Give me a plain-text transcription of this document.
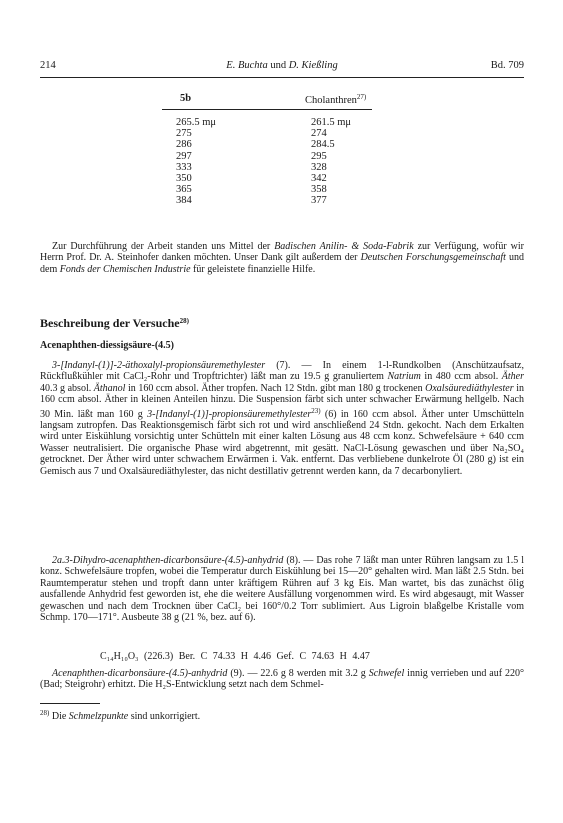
214	E. Buchta und D. Kießling	Bd. 709
5b	Cholanthren$^{27)}$
265.5 mμ	261.5 mμ
275	274
286	284.5
297	295
333	328
350	342
365	358
384	377
Zur Durchführung der Arbeit standen uns Mittel der Badischen Anilin- & Soda-Fabrik zur Verfügung, wofür wir Herrn Prof. Dr. A. Steinhofer danken möchten. Unser Dank gilt außerdem der Deutschen Forschungsgemeinschaft und dem Fonds der Chemischen Industrie für geleistete finanzielle Hilfe.
Beschreibung der Versuche$^{28)}$
Acenaphthen-diessigsäure-(4.5)
3-[Indanyl-(1)]-2-äthoxalyl-propionsäuremethylester (7). — In einem 1-l-Rundkolben (Anschützaufsatz, Rückflußkühler mit CaCl₂-Rohr und Tropftrichter) läßt man zu 19.5 g granuliertem Natrium in 480 ccm absol. Äther 40.3 g absol. Äthanol in 160 ccm absol. Äther tropfen. Nach 12 Stdn. gibt man 180 g trockenen Oxalsäurediäthylester in 160 ccm absol. Äther in kleinen Anteilen hinzu. Die Suspension färbt sich unter schwacher Erwärmung hellgelb. Nach 30 Min. läßt man 160 g 3-[Indanyl-(1)]-propionsäuremethylester$^{23)}$ (6) in 160 ccm absol. Äther unter Umschütteln langsam zutropfen. Das Reaktionsgemisch färbt sich rot und wird anschließend 24 Stdn. gekocht. Nach dem Erkalten wird unter Eiskühlung vorsichtig unter Schütteln mit einer kalten Lösung aus 48 ccm konz. Schwefelsäure + 640 ccm Wasser neutralisiert. Die organische Phase wird abgetrennt, mit gesätt. NaCl-Lösung gewaschen und über Na₂SO₄ getrocknet. Der Äther wird unter schwachem Erwärmen i. Vak. entfernt. Das verbliebene dunkelrote Öl (280 g) ist ein Gemisch aus 7 und Oxalsäurediäthylester, das nicht destillativ getrennt werden kann, da 7 decarbonyliert.
2a.3-Dihydro-acenaphthen-dicarbonsäure-(4.5)-anhydrid (8). — Das rohe 7 läßt man unter Rühren langsam zu 1.5 l konz. Schwefelsäure tropfen, wobei die Temperatur durch Eiskühlung bei 15—20° gehalten wird. Man läßt 2.5 Stdn. bei Raumtemperatur stehen und tropft dann unter kräftigem Rühren auf 3 kg Eis. Man wartet, bis das zunächst ölig ausfallende Anhydrid fest geworden ist, ehe die weitere Ausfällung vorgenommen wird. Es wird abgesaugt, mit Wasser gewaschen und nach dem Trocknen über CaCl₂ bei 160°/0.2 Torr sublimiert. Aus Ligroin blaßgelbe Kristalle vom Schmp. 170—171°. Ausbeute 38 g (21 %, bez. auf 6).
C₁₄H₁₀O₃ (226.3) Ber. C 74.33 H 4.46 Gef. C 74.63 H 4.47
Acenaphthen-dicarbonsäure-(4.5)-anhydrid (9). — 22.6 g 8 werden mit 3.2 g Schwefel innig verrieben und auf 220° (Bad; Steigrohr) erhitzt. Die H₂S-Entwicklung setzt nach dem Schmel-
$^{28)}$ Die Schmelzpunkte sind unkorrigiert.
